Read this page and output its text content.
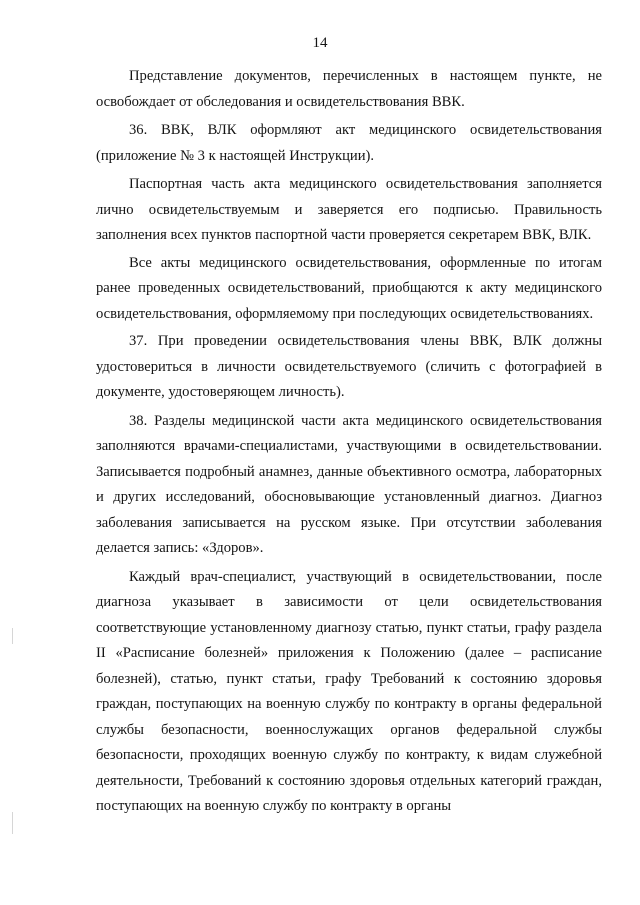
14

Представление документов, перечисленных в настоящем пункте, не освобождает от обследования и освидетельствования ВВК.

36. ВВК, ВЛК оформляют акт медицинского освидетельствования (приложение № 3 к настоящей Инструкции).

Паспортная часть акта медицинского освидетельствования заполняется лично освидетельствуемым и заверяется его подписью. Правильность заполнения всех пунктов паспортной части проверяется секретарем ВВК, ВЛК.

Все акты медицинского освидетельствования, оформленные по итогам ранее проведенных освидетельствований, приобщаются к акту медицинского освидетельствования, оформляемому при последующих освидетельствованиях.

37. При проведении освидетельствования члены ВВК, ВЛК должны удостовериться в личности освидетельствуемого (сличить с фотографией в документе, удостоверяющем личность).

38. Разделы медицинской части акта медицинского освидетельствования заполняются врачами-специалистами, участвующими в освидетельствовании. Записывается подробный анамнез, данные объективного осмотра, лабораторных и других исследований, обосновывающие установленный диагноз. Диагноз заболевания записывается на русском языке. При отсутствии заболевания делается запись: «Здоров».

Каждый врач-специалист, участвующий в освидетельствовании, после диагноза указывает в зависимости от цели освидетельствования соответствующие установленному диагнозу статью, пункт статьи, графу раздела II «Расписание болезней» приложения к Положению (далее – расписание болезней), статью, пункт статьи, графу Требований к состоянию здоровья граждан, поступающих на военную службу по контракту в органы федеральной службы безопасности, военнослужащих органов федеральной службы безопасности, проходящих военную службу по контракту, к видам служебной деятельности, Требований к состоянию здоровья отдельных категорий граждан, поступающих на военную службу по контракту в органы
